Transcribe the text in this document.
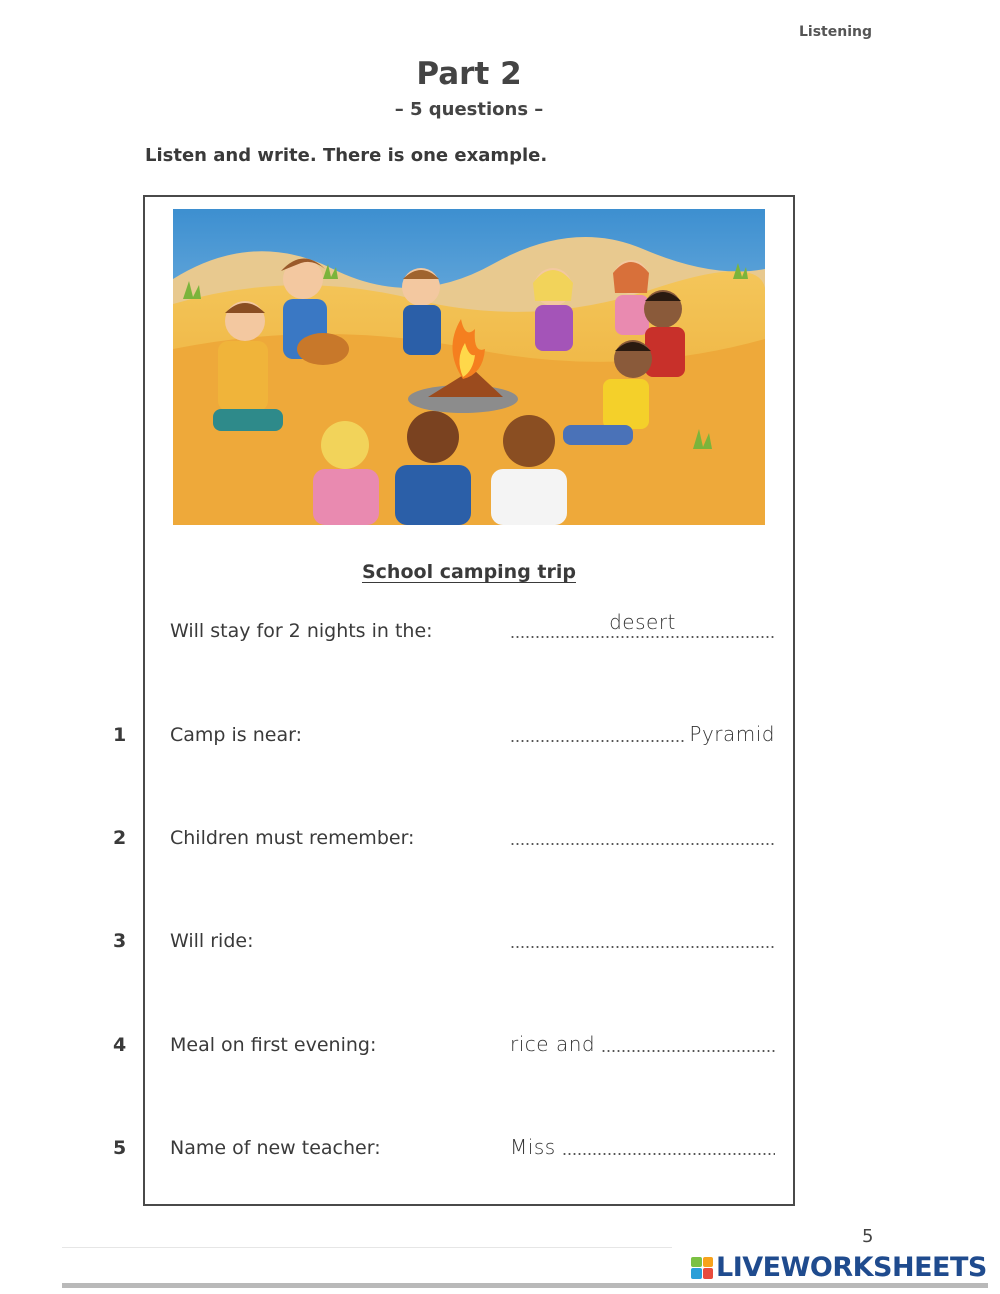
Listening
Part 2
– 5 questions –
Listen and write. There is one example.
School camping trip
Will stay for 2 nights in the:	desert
1 Camp is near:	Pyramid
2 Children must remember:
3 Will ride:
4 Meal on first evening:	rice and
5 Name of new teacher:	Miss
5
LIVEWORKSHEETS
